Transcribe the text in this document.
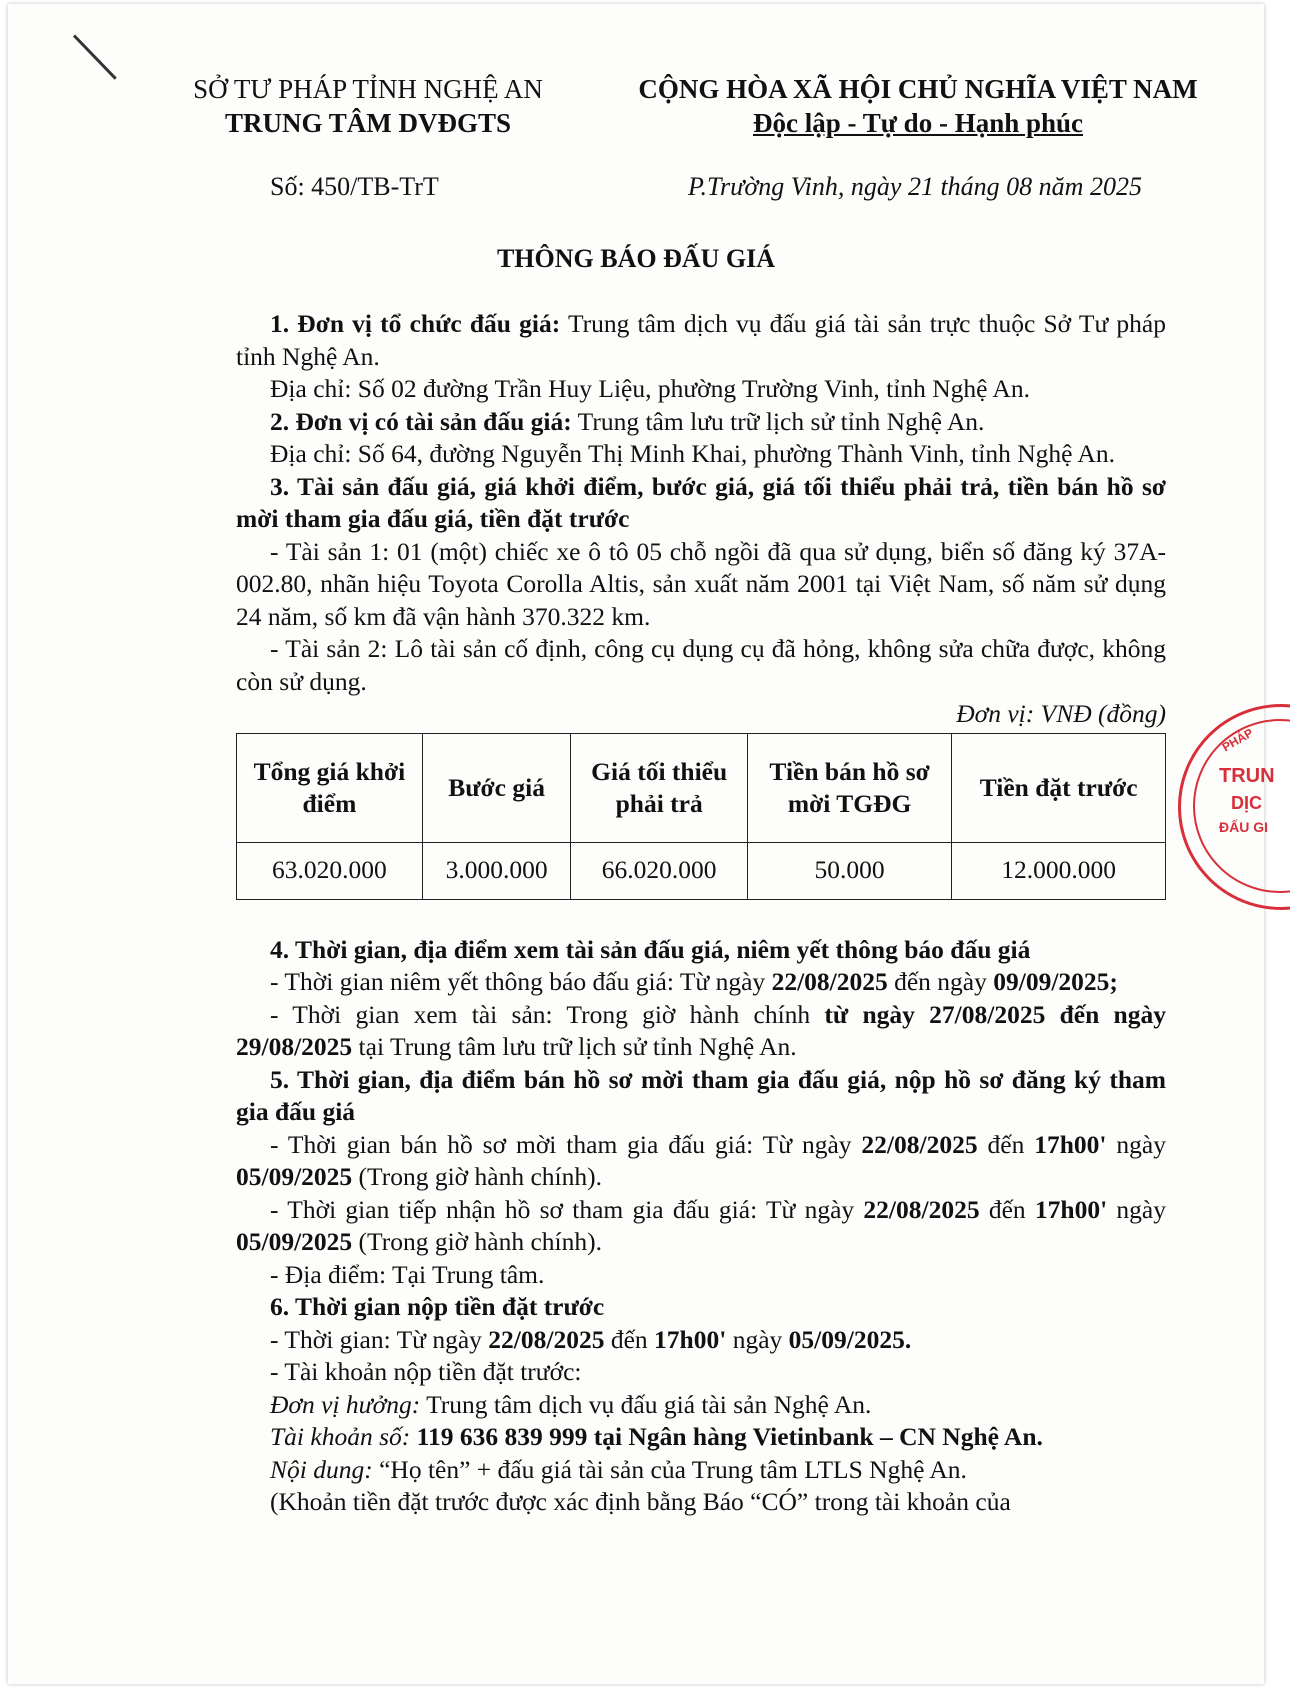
SỞ TƯ PHÁP TỈNH NGHỆ AN
TRUNG TÂM DVĐGTS
CỘNG HÒA XÃ HỘI CHỦ NGHĨA VIỆT NAM
Độc lập - Tự do - Hạnh phúc
Số: 450/TB-TrT	P.Trường Vinh, ngày 21 tháng 08 năm 2025
THÔNG BÁO ĐẤU GIÁ

1. Đơn vị tổ chức đấu giá: Trung tâm dịch vụ đấu giá tài sản trực thuộc Sở Tư pháp tỉnh Nghệ An.

Địa chỉ: Số 02 đường Trần Huy Liệu, phường Trường Vinh, tỉnh Nghệ An.

2. Đơn vị có tài sản đấu giá: Trung tâm lưu trữ lịch sử tỉnh Nghệ An.

Địa chỉ: Số 64, đường Nguyễn Thị Minh Khai, phường Thành Vinh, tỉnh Nghệ An.

3. Tài sản đấu giá, giá khởi điểm, bước giá, giá tối thiểu phải trả, tiền bán hồ sơ mời tham gia đấu giá, tiền đặt trước

- Tài sản 1: 01 (một) chiếc xe ô tô 05 chỗ ngồi đã qua sử dụng, biển số đăng ký 37A-002.80, nhãn hiệu Toyota Corolla Altis, sản xuất năm 2001 tại Việt Nam, số năm sử dụng 24 năm, số km đã vận hành 370.322 km.

- Tài sản 2: Lô tài sản cố định, công cụ dụng cụ đã hỏng, không sửa chữa được, không còn sử dụng.

Đơn vị: VNĐ (đồng)

Tổng giá khởi điểm	Bước giá	Giá tối thiểu phải trả	Tiền bán hồ sơ mời TGĐG	Tiền đặt trước
63.020.000	3.000.000	66.020.000	50.000	12.000.000

4. Thời gian, địa điểm xem tài sản đấu giá, niêm yết thông báo đấu giá

- Thời gian niêm yết thông báo đấu giá: Từ ngày 22/08/2025 đến ngày 09/09/2025;

- Thời gian xem tài sản: Trong giờ hành chính từ ngày 27/08/2025 đến ngày 29/08/2025 tại Trung tâm lưu trữ lịch sử tỉnh Nghệ An.

5. Thời gian, địa điểm bán hồ sơ mời tham gia đấu giá, nộp hồ sơ đăng ký tham gia đấu giá

- Thời gian bán hồ sơ mời tham gia đấu giá: Từ ngày 22/08/2025 đến 17h00' ngày 05/09/2025 (Trong giờ hành chính).

- Thời gian tiếp nhận hồ sơ tham gia đấu giá: Từ ngày 22/08/2025 đến 17h00' ngày 05/09/2025 (Trong giờ hành chính).

- Địa điểm: Tại Trung tâm.

6. Thời gian nộp tiền đặt trước

- Thời gian: Từ ngày 22/08/2025 đến 17h00' ngày 05/09/2025.

- Tài khoản nộp tiền đặt trước:

Đơn vị hưởng: Trung tâm dịch vụ đấu giá tài sản Nghệ An.

Tài khoản số: 119 636 839 999 tại Ngân hàng Vietinbank – CN Nghệ An.

Nội dung: “Họ tên” + đấu giá tài sản của Trung tâm LTLS Nghệ An.

(Khoản tiền đặt trước được xác định bằng Báo “CÓ” trong tài khoản của

PHÁP
TRUN
DỊC
ĐẤU GI
